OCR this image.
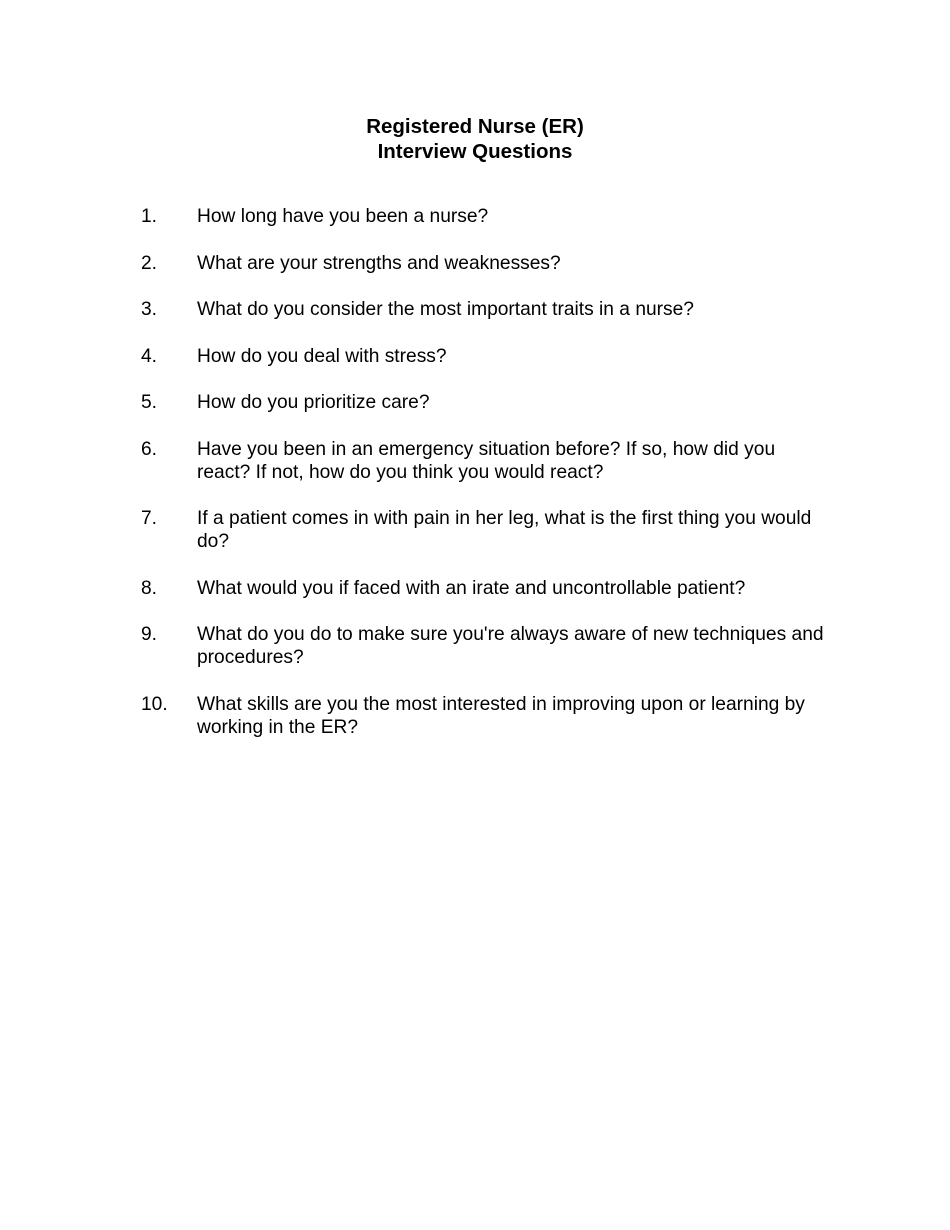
Registered Nurse (ER)
Interview Questions
1. How long have you been a nurse?
2. What are your strengths and weaknesses?
3. What do you consider the most important traits in a nurse?
4. How do you deal with stress?
5. How do you prioritize care?
6. Have you been in an emergency situation before? If so, how did you react? If not, how do you think you would react?
7. If a patient comes in with pain in her leg, what is the first thing you would do?
8. What would you if faced with an irate and uncontrollable patient?
9. What do you do to make sure you're always aware of new techniques and procedures?
10. What skills are you the most interested in improving upon or learning by working in the ER?
